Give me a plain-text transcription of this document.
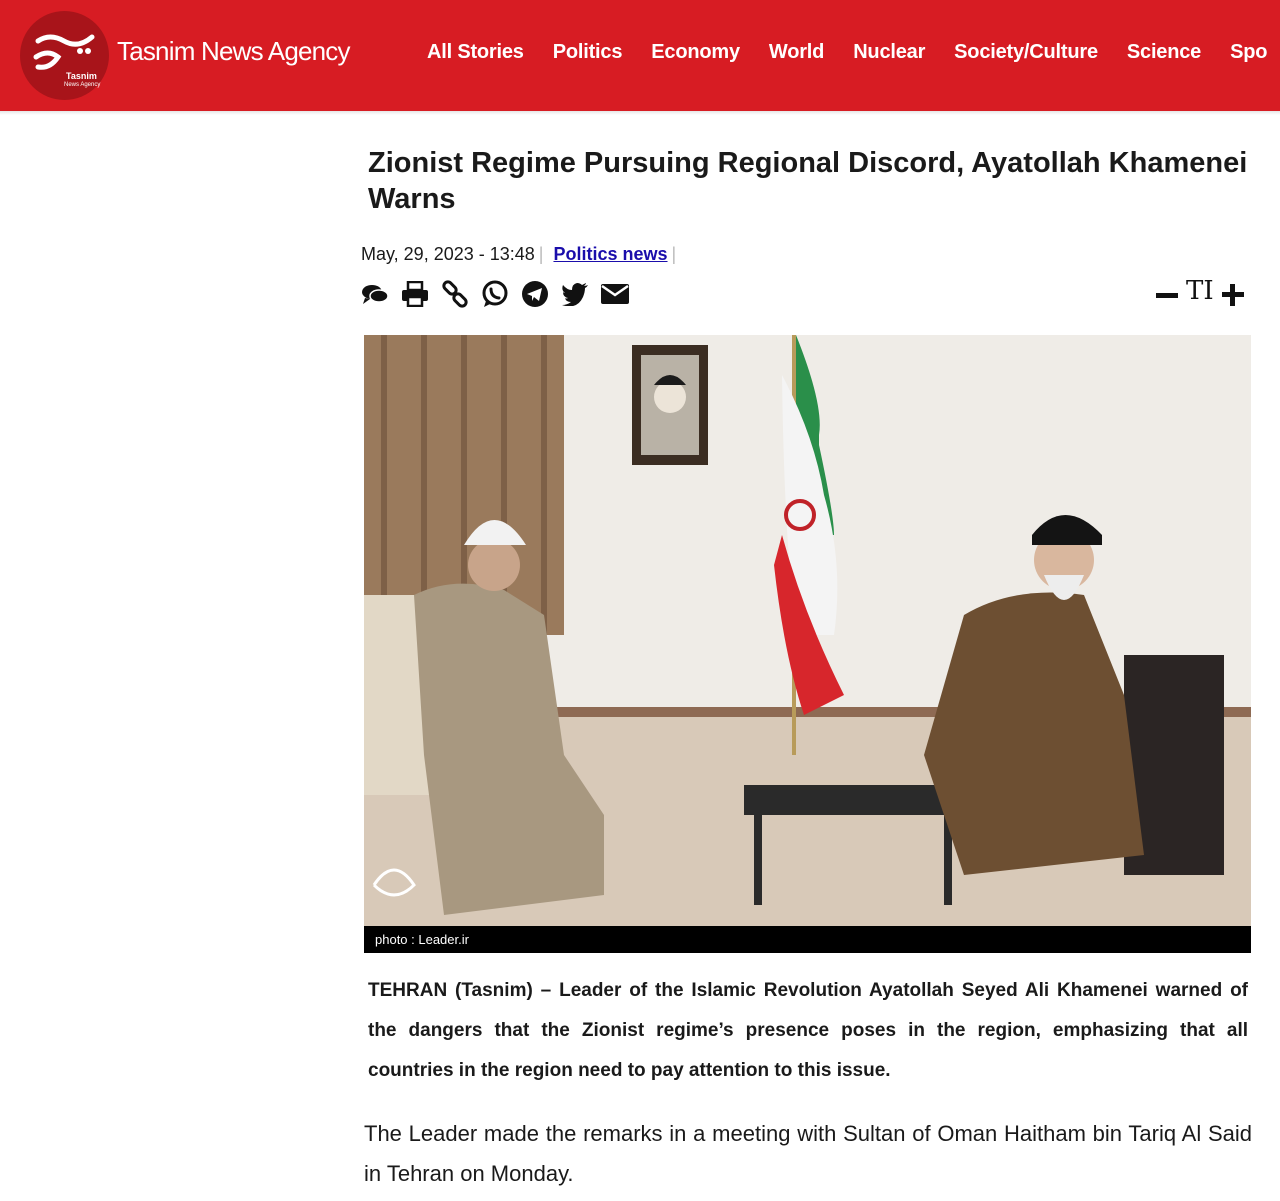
Tasnim
News Agency
Tasnim News Agency	All Stories Politics Economy World Nuclear Society/Culture Science Spo
Zionist Regime Pursuing Regional Discord, Ayatollah Khamenei Warns
May, 29, 2023 - 13:48 | Politics news |
TI
photo : Leader.ir

TEHRAN (Tasnim) – Leader of the Islamic Revolution Ayatollah Seyed Ali Khamenei warned of the dangers that the Zionist regime’s presence poses in the region, emphasizing that all countries in the region need to pay attention to this issue.

The Leader made the remarks in a meeting with Sultan of Oman Haitham bin Tariq Al Said in Tehran on Monday.
